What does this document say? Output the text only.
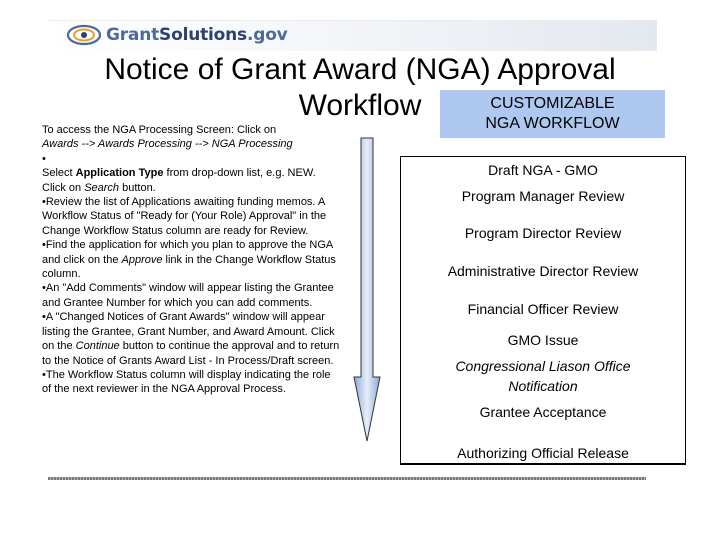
GrantSolutions.gov
Notice of Grant Award (NGA) Approval
Workflow	CUSTOMIZABLE
NGA WORKFLOW

To access the NGA Processing Screen: Click on

Awards --> Awards Processing --> NGA Processing

•

Select Application Type from drop-down list, e.g. NEW. Click on Search button.

•Review the list of Applications awaiting funding memos. A Workflow Status of "Ready for (Your Role) Approval" in the Change Workflow Status column are ready for Review.

•Find the application for which you plan to approve the NGA and click on the Approve link in the Change Workflow Status column.

•An "Add Comments" window will appear listing the Grantee and Grantee Number for which you can add comments.

•A "Changed Notices of Grant Awards" window will appear listing the Grantee, Grant Number, and Award Amount. Click on the Continue button to continue the approval and to return to the Notice of Grants Award List - In Process/Draft screen.

•The Workflow Status column will display indicating the role of the next reviewer in the NGA Approval Process.

Draft NGA - GMO
Program Manager Review
Program Director Review
Administrative Director Review
Financial Officer Review
GMO Issue
Congressional Liason Office Notification
Grantee Acceptance
Authorizing Official Release
